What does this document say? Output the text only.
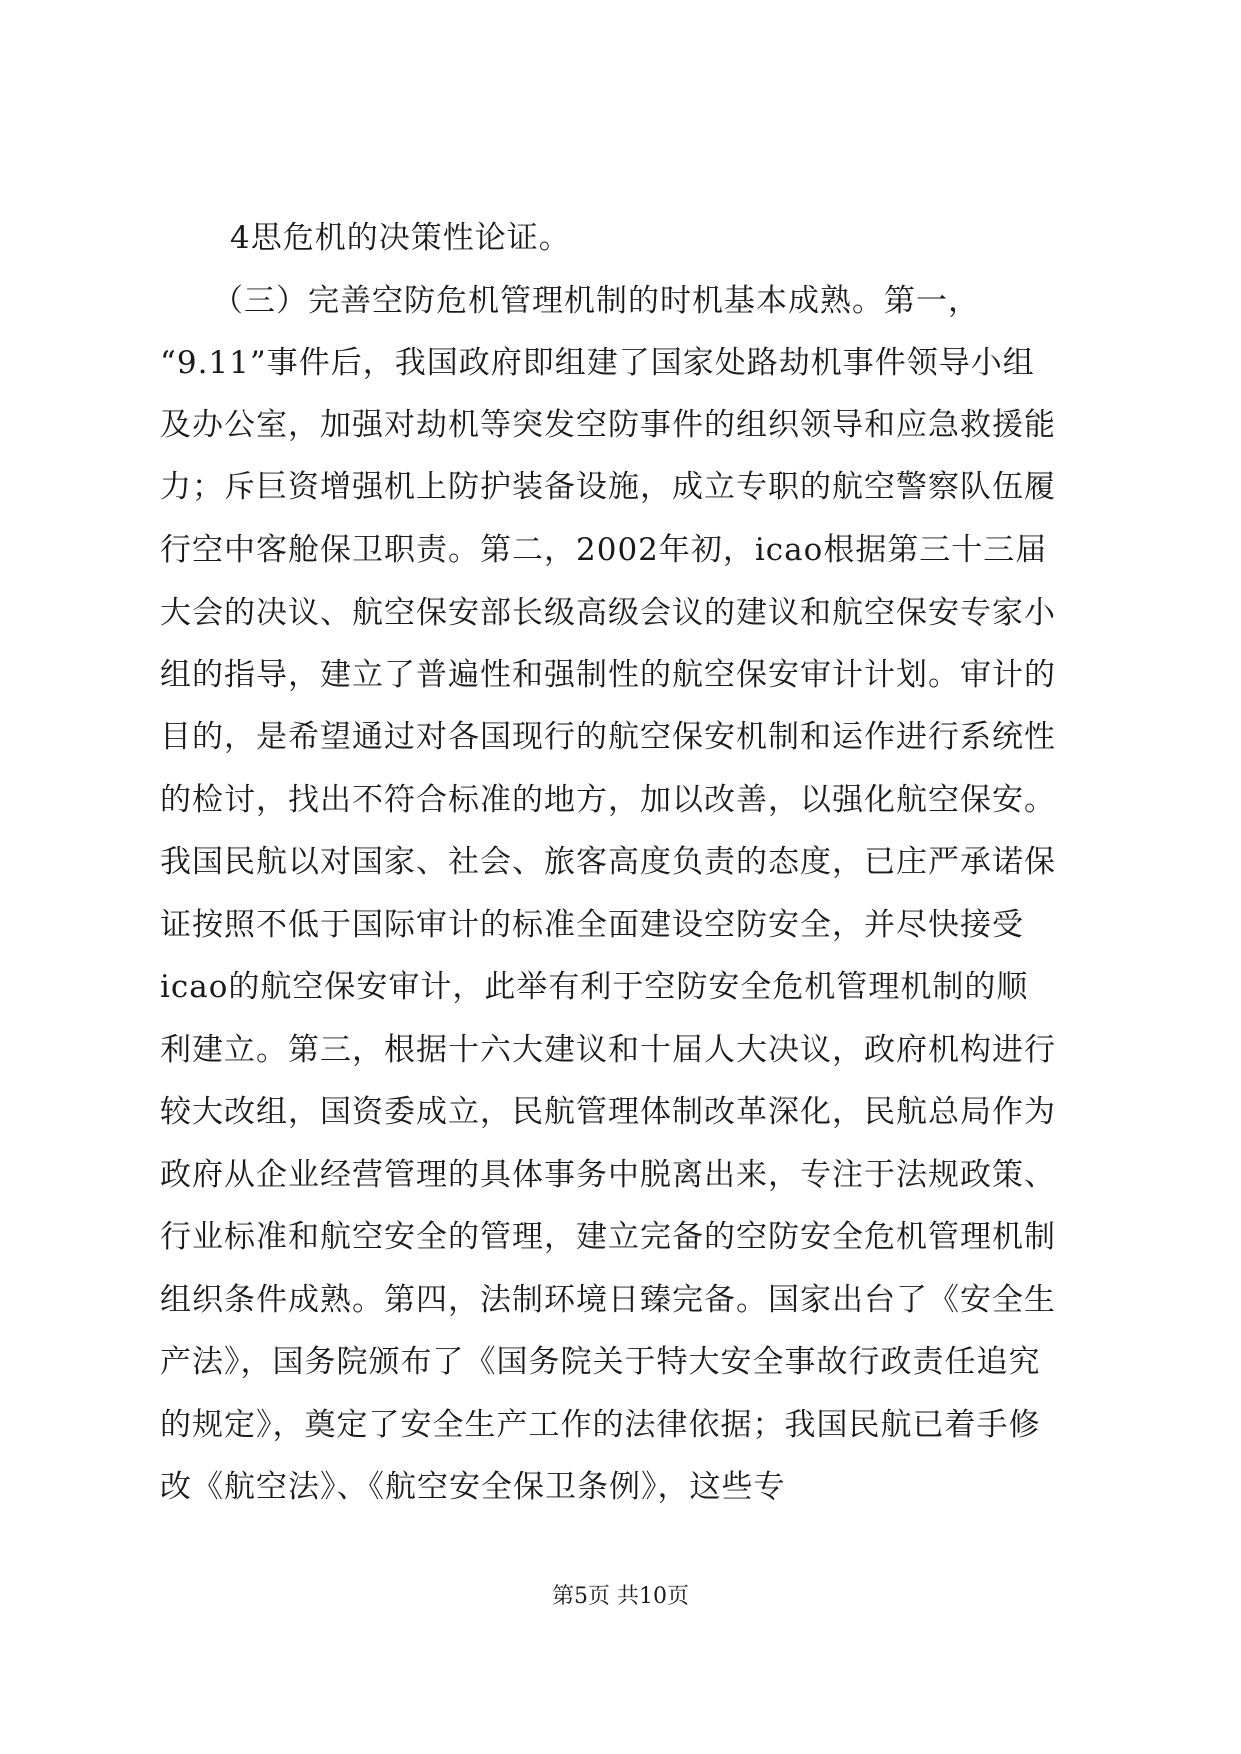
4思危机的决策性论证。
（三）完善空防危机管理机制的时机基本成熟。第一，
“9.11”事件后，我国政府即组建了国家处路劫机事件领导小组
及办公室，加强对劫机等突发空防事件的组织领导和应急救援能
力；斥巨资增强机上防护装备设施，成立专职的航空警察队伍履
行空中客舱保卫职责。第二，2002年初，icao根据第三十三届
大会的决议、航空保安部长级高级会议的建议和航空保安专家小
组的指导，建立了普遍性和强制性的航空保安审计计划。审计的
目的，是希望通过对各国现行的航空保安机制和运作进行系统性
的检讨，找出不符合标准的地方，加以改善，以强化航空保安。
我国民航以对国家、社会、旅客高度负责的态度，已庄严承诺保
证按照不低于国际审计的标准全面建设空防安全，并尽快接受
icao的航空保安审计，此举有利于空防安全危机管理机制的顺
利建立。第三，根据十六大建议和十届人大决议，政府机构进行
较大改组，国资委成立，民航管理体制改革深化，民航总局作为
政府从企业经营管理的具体事务中脱离出来，专注于法规政策、
行业标准和航空安全的管理，建立完备的空防安全危机管理机制
组织条件成熟。第四，法制环境日臻完备。国家出台了《安全生
产法》，国务院颁布了《国务院关于特大安全事故行政责任追究
的规定》，奠定了安全生产工作的法律依据；我国民航已着手修
改《航空法》、《航空安全保卫条例》，这些专
第5页 共10页
